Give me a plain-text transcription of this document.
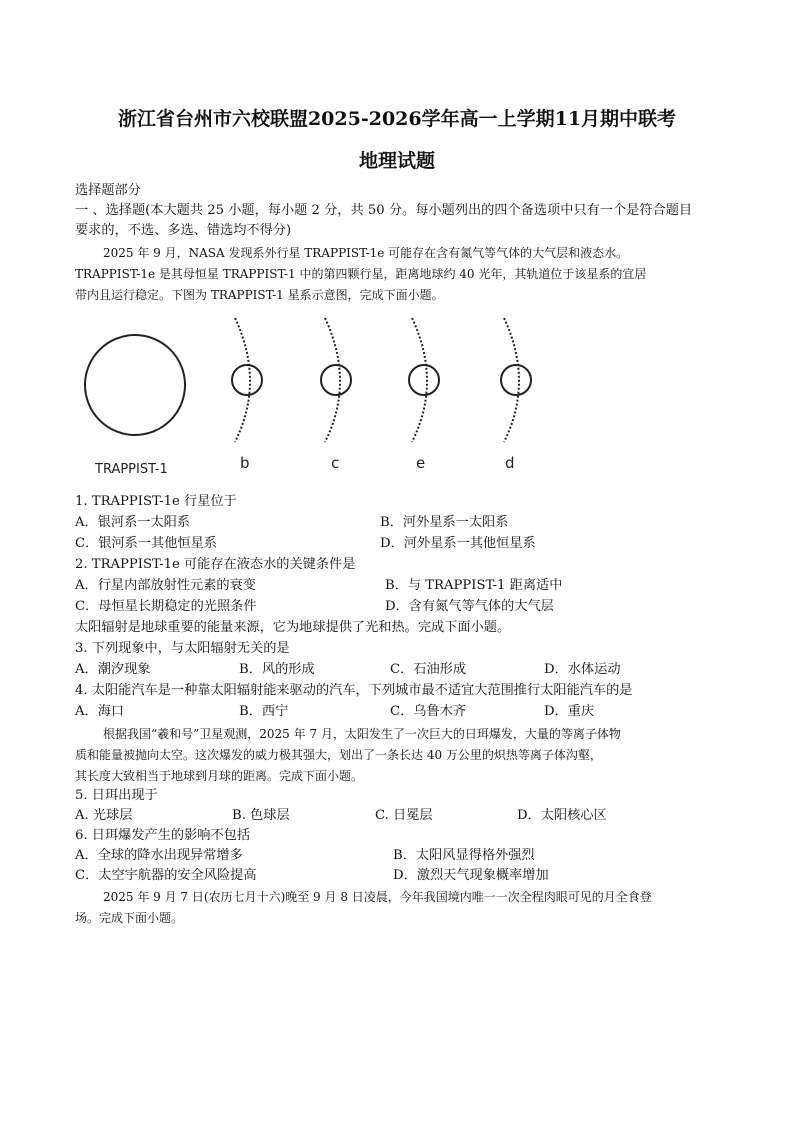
浙江省台州市六校联盟2025-2026学年高一上学期11月期中联考
地理试题
选择题部分
一 、选择题(本大题共 25 小题，每小题 2 分，共 50 分。每小题列出的四个备选项中只有一个是符合题目
要求的，不选、多选、错选均不得分)
2025 年 9 月，NASA 发现系外行星 TRAPPIST-1e 可能存在含有氮气等气体的大气层和液态水。
TRAPPIST-1e 是其母恒星 TRAPPIST-1 中的第四颗行星，距离地球约 40 光年，其轨道位于该星系的宜居
带内且运行稳定。下图为 TRAPPIST-1 星系示意图，完成下面小题。
TRAPPIST-1	b	c	e	d
1. TRAPPIST-1e 行星位于
A．银河系一太阳系	B．河外星系一太阳系
C．银河系一其他恒星系	D．河外星系一其他恒星系
2. TRAPPIST-1e 可能存在液态水的关键条件是
A．行星内部放射性元素的衰变	B．与 TRAPPIST-1 距离适中
C．母恒星长期稳定的光照条件	D．含有氮气等气体的大气层
太阳辐射是地球重要的能量来源，它为地球提供了光和热。完成下面小题。
3. 下列现象中，与太阳辐射无关的是
A．潮汐现象	B．风的形成	C．石油形成	D．水体运动
4. 太阳能汽车是一种靠太阳辐射能来驱动的汽车，下列城市最不适宜大范围推行太阳能汽车的是
A．海口	B．西宁	C．乌鲁木齐	D．重庆
根据我国“羲和号”卫星观测，2025 年 7 月，太阳发生了一次巨大的日珥爆发，大量的等离子体物
质和能量被抛向太空。这次爆发的威力极其强大，划出了一条长达 40 万公里的炽热等离子体沟壑，
其长度大致相当于地球到月球的距离。完成下面小题。
5. 日珥出现于
A. 光球层	B. 色球层	C. 日冕层	D．太阳核心区
6. 日珥爆发产生的影响不包括
A．全球的降水出现异常增多	B．太阳风显得格外强烈
C．太空宇航器的安全风险提高	D．激烈天气现象概率增加
2025 年 9 月 7 日(农历七月十六)晚至 9 月 8 日凌晨，今年我国境内唯一一次全程肉眼可见的月全食登
场。完成下面小题。
